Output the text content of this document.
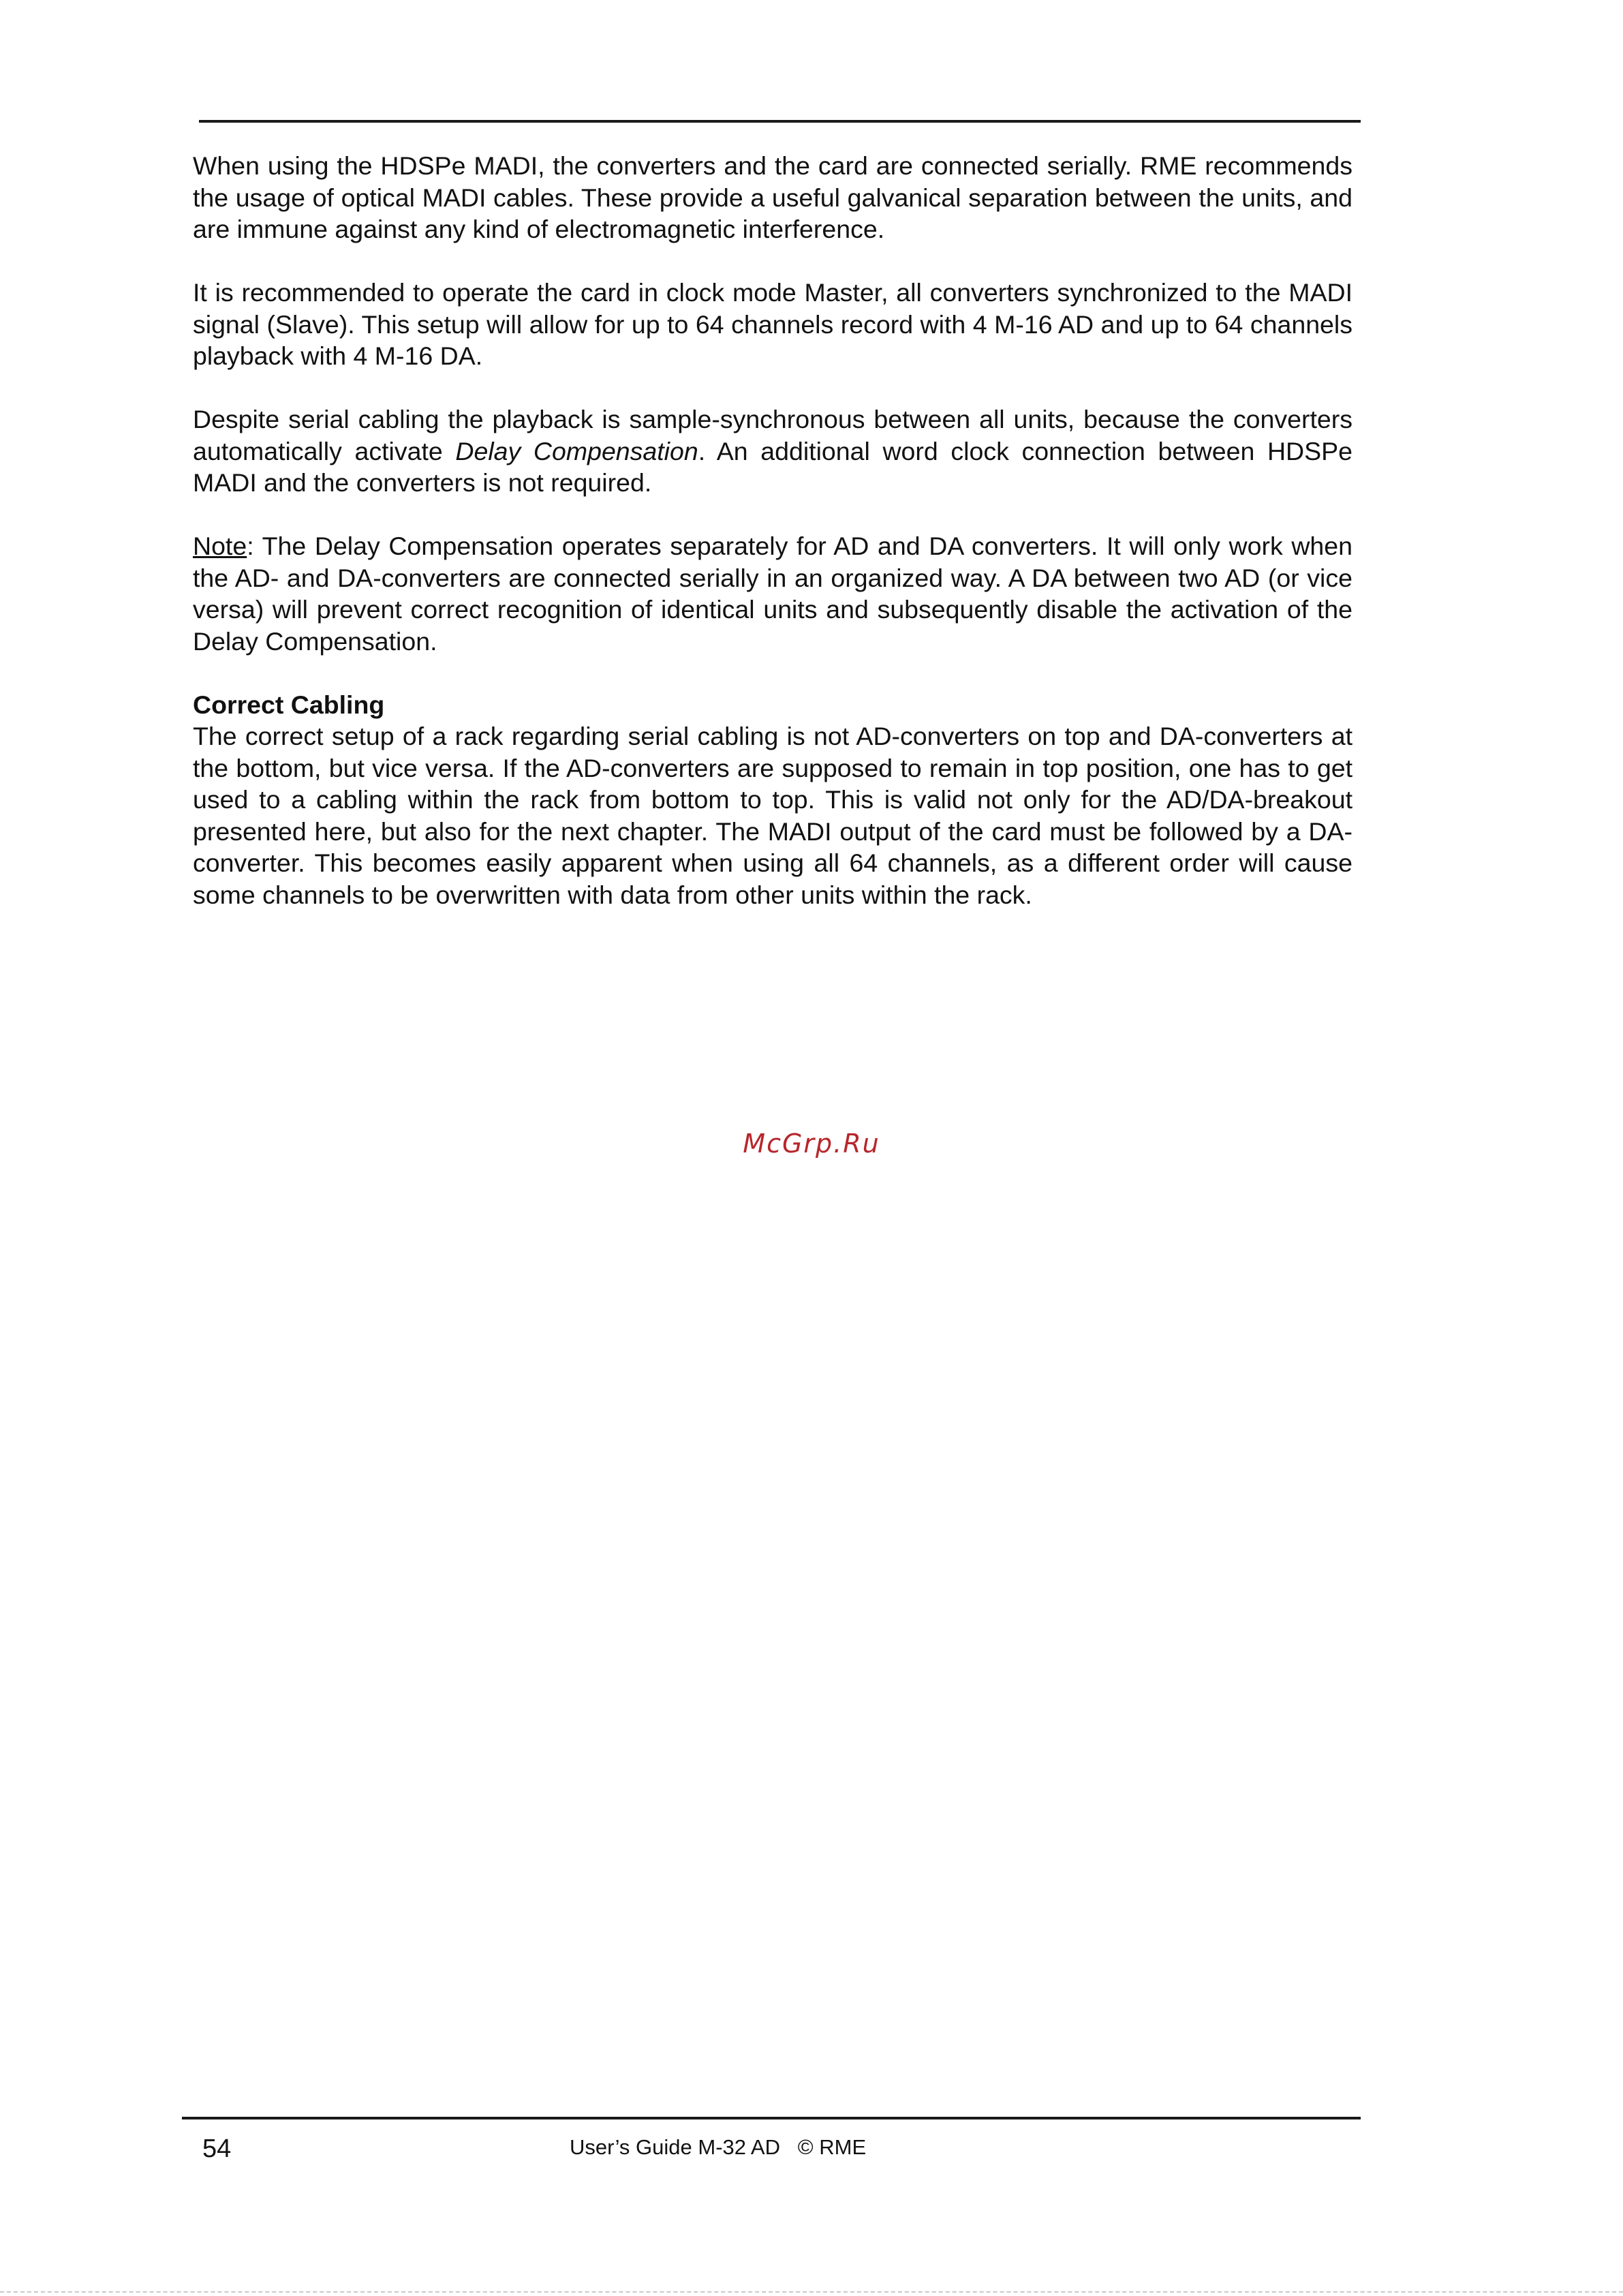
When using the HDSPe MADI, the converters and the card are connected serially. RME recommends the usage of optical MADI cables. These provide a useful galvanical separation between the units, and are immune against any kind of electromagnetic interference.

It is recommended to operate the card in clock mode Master, all converters synchronized to the MADI signal (Slave). This setup will allow for up to 64 channels record with 4 M-16 AD and up to 64 channels playback with 4 M-16 DA.

Despite serial cabling the playback is sample-synchronous between all units, because the converters automatically activate Delay Compensation. An additional word clock connection between HDSPe MADI and the converters is not required.

Note: The Delay Compensation operates separately for AD and DA converters. It will only work when the AD- and DA-converters are connected serially in an organized way. A DA between two AD (or vice versa) will prevent correct recognition of identical units and subsequently disable the activation of the Delay Compensation.

Correct Cabling

The correct setup of a rack regarding serial cabling is not AD-converters on top and DA-converters at the bottom, but vice versa. If the AD-converters are supposed to remain in top position, one has to get used to a cabling within the rack from bottom to top. This is valid not only for the AD/DA-breakout presented here, but also for the next chapter. The MADI output of the card must be followed by a DA-converter. This becomes easily apparent when using all 64 channels, as a different order will cause some channels to be overwritten with data from other units within the rack.

McGrp.Ru
54	User’s Guide M-32 AD   © RME
